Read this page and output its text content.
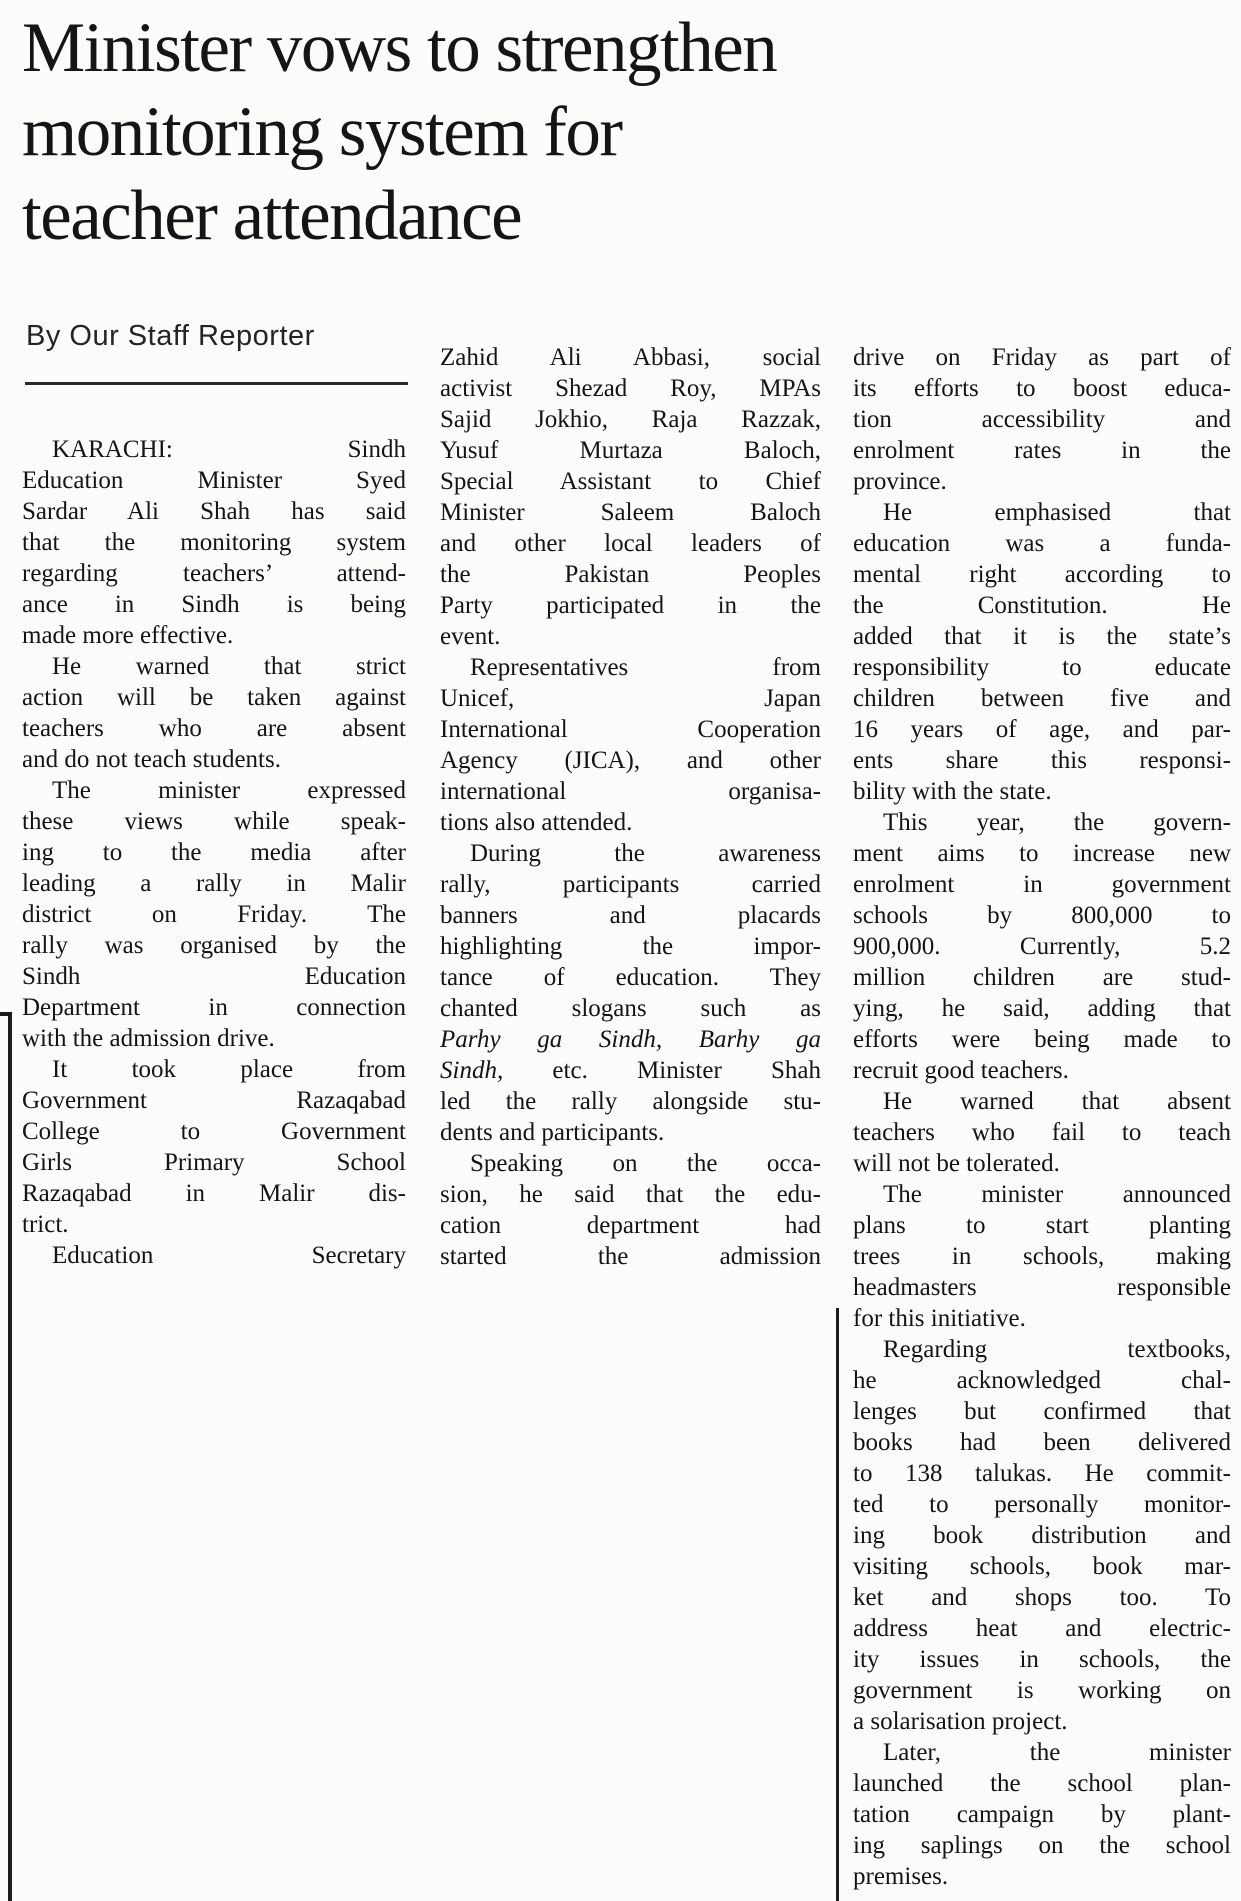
Minister vows to strengthen
monitoring system for
teacher attendance
By Our Staff Reporter
KARACHI: Sindh
Education Minister Syed
Sardar Ali Shah has said
that the monitoring system
regarding teachers’ attend-
ance in Sindh is being
made more effective.
He warned that strict
action will be taken against
teachers who are absent
and do not teach students.
The minister expressed
these views while speak-
ing to the media after
leading a rally in Malir
district on Friday. The
rally was organised by the
Sindh Education
Department in connection
with the admission drive.
It took place from
Government Razaqabad
College to Government
Girls Primary School
Razaqabad in Malir dis-
trict.
Education Secretary
Zahid Ali Abbasi, social
activist Shezad Roy, MPAs
Sajid Jokhio, Raja Razzak,
Yusuf Murtaza Baloch,
Special Assistant to Chief
Minister Saleem Baloch
and other local leaders of
the Pakistan Peoples
Party participated in the
event.
Representatives from
Unicef, Japan
International Cooperation
Agency (JICA), and other
international organisa-
tions also attended.
During the awareness
rally, participants carried
banners and placards
highlighting the impor-
tance of education. They
chanted slogans such as
Parhy ga Sindh, Barhy ga
Sindh, etc. Minister Shah
led the rally alongside stu-
dents and participants.
Speaking on the occa-
sion, he said that the edu-
cation department had
started the admission
drive on Friday as part of
its efforts to boost educa-
tion accessibility and
enrolment rates in the
province.
He emphasised that
education was a funda-
mental right according to
the Constitution. He
added that it is the state’s
responsibility to educate
children between five and
16 years of age, and par-
ents share this responsi-
bility with the state.
This year, the govern-
ment aims to increase new
enrolment in government
schools by 800,000 to
900,000. Currently, 5.2
million children are stud-
ying, he said, adding that
efforts were being made to
recruit good teachers.
He warned that absent
teachers who fail to teach
will not be tolerated.
The minister announced
plans to start planting
trees in schools, making
headmasters responsible
for this initiative.
Regarding textbooks,
he acknowledged chal-
lenges but confirmed that
books had been delivered
to 138 talukas. He commit-
ted to personally monitor-
ing book distribution and
visiting schools, book mar-
ket and shops too. To
address heat and electric-
ity issues in schools, the
government is working on
a solarisation project.
Later, the minister
launched the school plan-
tation campaign by plant-
ing saplings on the school
premises.
